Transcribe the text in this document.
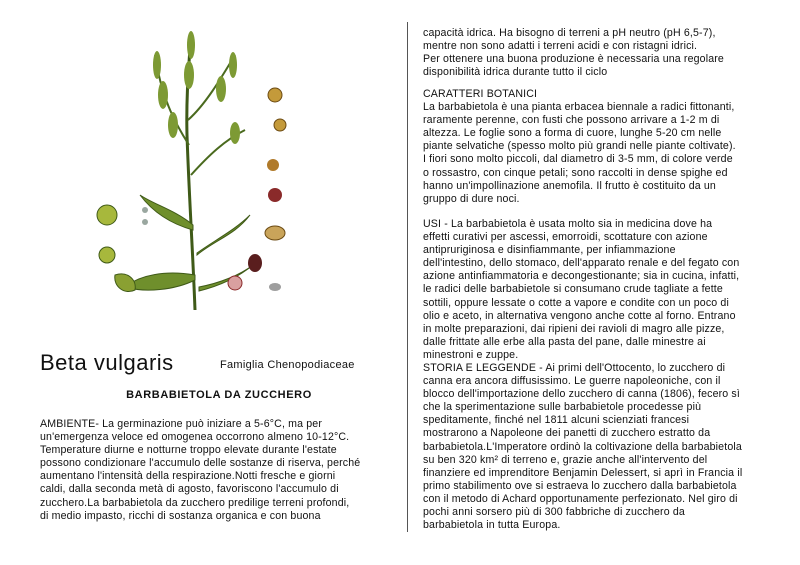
Beta vulgaris	Famiglia Chenopodiaceae
BARBABIETOLA DA ZUCCHERO
AMBIENTE- La germinazione può iniziare a 5-6°C, ma per
un'emergenza veloce ed omogenea occorrono almeno 10-12°C.
Temperature diurne e notturne troppo elevate durante l'estate
possono condizionare l'accumulo delle sostanze di riserva, perché
aumentano l'intensità della respirazione.Notti fresche e giorni
caldi, dalla seconda metà di agosto, favoriscono l'accumulo di
zucchero.La barbabietola da zucchero predilige terreni profondi,
di medio impasto, ricchi di sostanza organica e con buona
capacità idrica. Ha bisogno di terreni a pH neutro (pH 6,5-7),
mentre non sono adatti i terreni acidi e con ristagni idrici.
Per ottenere una buona produzione è necessaria una regolare
disponibilità idrica durante tutto il ciclo
CARATTERI BOTANICI
La barbabietola è una pianta erbacea biennale a radici fittonanti,
raramente perenne, con fusti che possono arrivare a 1-2 m di
altezza. Le foglie sono a forma di cuore, lunghe 5-20 cm nelle
piante selvatiche (spesso molto più grandi nelle piante coltivate).
I fiori sono molto piccoli, dal diametro di 3-5 mm, di colore verde
o rossastro, con cinque petali; sono raccolti in dense spighe ed
hanno un'impollinazione anemofila. Il frutto è costituito da un
gruppo di dure noci.
USI - La barbabietola è usata molto sia in medicina dove ha
effetti curativi per ascessi, emorroidi, scottature con azione
antipruriginosa e disinfiammante, per infiammazione
dell'intestino, dello stomaco, dell'apparato renale e del fegato con
azione antinfiammatoria e decongestionante; sia in cucina, infatti,
le radici delle barbabietole si consumano crude tagliate a fette
sottili, oppure lessate o cotte a vapore e condite con un poco di
olio e aceto, in alternativa vengono anche cotte al forno. Entrano
in molte preparazioni, dai ripieni dei ravioli di magro alle pizze,
dalle frittate alle erbe alla pasta del pane, dalle minestre ai
minestroni e zuppe.
STORIA E LEGGENDE - Ai primi dell'Ottocento, lo zucchero di
canna era ancora diffusissimo. Le guerre napoleoniche, con il
blocco dell'importazione dello zucchero di canna (1806), fecero sì
che la sperimentazione sulle barbabietole procedesse più
speditamente, finché nel 1811 alcuni scienziati francesi
mostrarono a Napoleone dei panetti di zucchero estratto da
barbabietola.L'Imperatore ordinò la coltivazione della barbabietola
su ben 320 km² di terreno e, grazie anche all'intervento del
finanziere ed imprenditore Benjamin Delessert, si aprì in Francia il
primo stabilimento ove si estraeva lo zucchero dalla barbabietola
con il metodo di Achard opportunamente perfezionato. Nel giro di
pochi anni sorsero più di 300 fabbriche di zucchero da
barbabietola in tutta Europa.
